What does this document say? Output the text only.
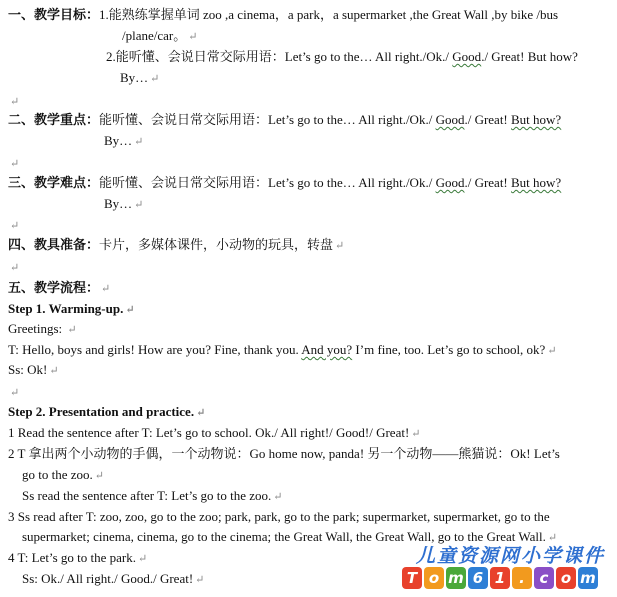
一、教学目标：1.能熟练掌握单词 zoo ,a cinema，a park，a supermarket ,the Great Wall ,by bike /bus
/plane/car。 ↵
2.能听懂、会说日常交际用语：Let’s go to the… All right./Ok./ Good./ Great! But how?
By… ↵
↵
二、教学重点：能听懂、会说日常交际用语：Let’s go to the… All right./Ok./ Good./ Great! But how?
By… ↵
↵
三、教学难点：能听懂、会说日常交际用语：Let’s go to the… All right./Ok./ Good./ Great! But how?
By… ↵
↵
四、教具准备：卡片，多媒体课件，小动物的玩具，转盘 ↵
↵
五、教学流程： ↵
Step 1. Warming-up. ↵
Greetings: ↵
T: Hello, boys and girls! How are you? Fine, thank you. And you? I’m fine, too. Let’s go to school, ok? ↵
Ss: Ok! ↵
↵
Step 2. Presentation and practice. ↵
1 Read the sentence after T: Let’s go to school. Ok./ All right!/ Good!/ Great! ↵
2 T 拿出两个小动物的手偶，一个动物说：Go home now, panda! 另一个动物——熊猫说：Ok! Let’s
go to the zoo. ↵
Ss read the sentence after T: Let’s go to the zoo. ↵
3 Ss read after T: zoo, zoo, go to the zoo; park, park, go to the park; supermarket, supermarket, go to the
supermarket; cinema, cinema, go to the cinema; the Great Wall, the Great Wall, go to the Great Wall. ↵
4 T: Let’s go to the park. ↵
Ss: Ok./ All right./ Good./ Great! ↵
儿童资源网小学课件
T o m 6 1 . c o m
